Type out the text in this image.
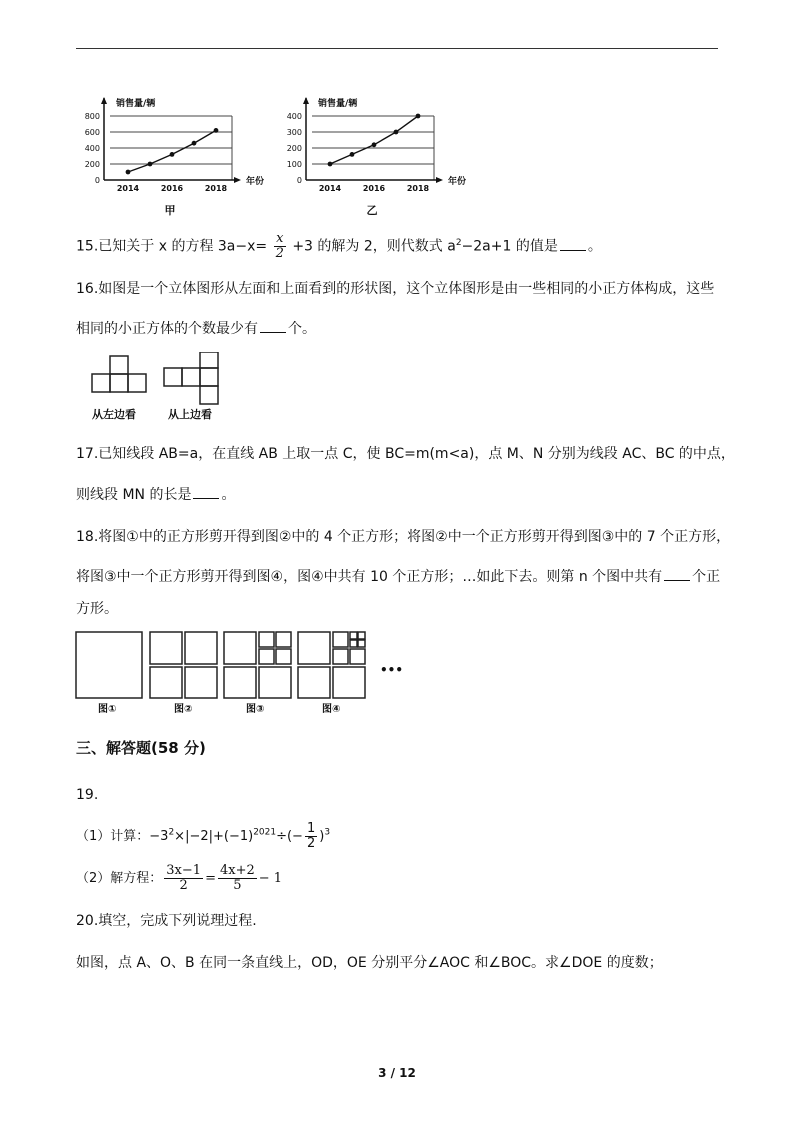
800
600
400
200
0
销售量/辆
年份
2014	2016	2018
甲
400
300
200
100
0
销售量/辆
年份
2014	2016	2018
乙
15.已知关于 x 的方程 $3a-x= \frac{x}{2} +3$ 的解为 2，则代数式 $a^2-2a+1$ 的值是 。
16.如图是一个立体图形从左面和上面看到的形状图，这个立体图形是由一些相同的小正方体构成，这些
相同的小正方体的个数最少有 个。
从左边看	从上边看
17.已知线段 AB=a，在直线 AB 上取一点 C，使 BC=m(m<a)，点 M、N 分别为线段 AC、BC 的中点，
则线段 MN 的长是 。
18.将图①中的正方形剪开得到图②中的 4 个正方形；将图②中一个正方形剪开得到图③中的 7 个正方形，
将图③中一个正方形剪开得到图④，图④中共有 10 个正方形；…如此下去。则第 n 个图中共有 个正
方形。
•••
图①	图②	图③	图④
三、解答题(58 分)
19.
（1）计算：$-3^2\times|-2|+(-1)^{2021}\div(- \frac{1}{2} )^3$
（2）解方程： $\frac{3x-1}{2} = \frac{4x+2}{5} - 1$
20.填空，完成下列说理过程.
如图，点 A、O、B 在同一条直线上，OD，OE 分别平分∠AOC 和∠BOC。求∠DOE 的度数；
3 / 12
